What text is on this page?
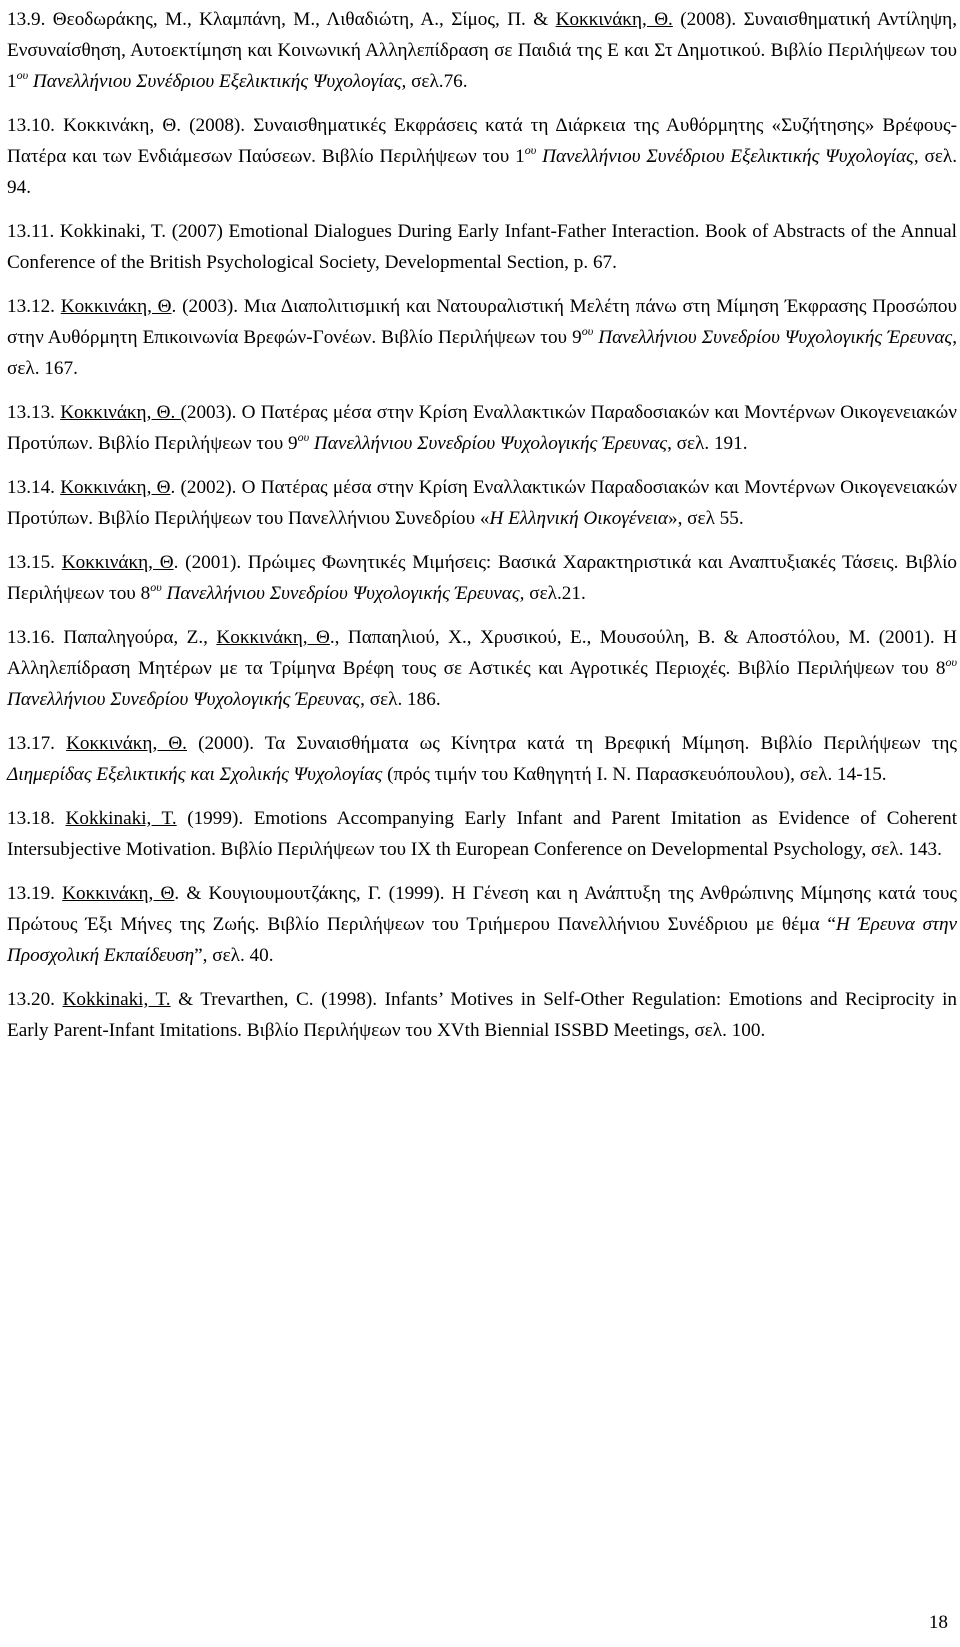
13.9. Θεοδωράκης, Μ., Κλαμπάνη, Μ., Λιθαδιώτη, Α., Σίμος, Π. & Κοκκινάκη, Θ. (2008). Συναισθηματική Αντίληψη, Ενσυναίσθηση, Αυτοεκτίμηση και Κοινωνική Αλληλεπίδραση σε Παιδιά της Ε και Στ Δημοτικού. Βιβλίο Περιλήψεων του $1^{o\upsilon}$ Πανελλήνιου Συνέδριου Εξελικτικής Ψυχολογίας, σελ.76.

13.10. Κοκκινάκη, Θ. (2008). Συναισθηματικές Εκφράσεις κατά τη Διάρκεια της Αυθόρμητης «Συζήτησης» Βρέφους-Πατέρα και των Ενδιάμεσων Παύσεων. Βιβλίο Περιλήψεων του $1^{o\upsilon}$ Πανελλήνιου Συνέδριου Εξελικτικής Ψυχολογίας, σελ. 94.

13.11. Kokkinaki, T. (2007) Emotional Dialogues During Early Infant-Father Interaction. Book of Abstracts of the Annual Conference of the British Psychological Society, Developmental Section, p. 67.

13.12. Κοκκινάκη, Θ. (2003). Μια Διαπολιτισμική και Νατουραλιστική Μελέτη πάνω στη Μίμηση Έκφρασης Προσώπου στην Αυθόρμητη Επικοινωνία Βρεφών-Γονέων. Βιβλίο Περιλήψεων του $9^{o\upsilon}$ Πανελλήνιου Συνεδρίου Ψυχολογικής Έρευνας, σελ. 167.

13.13. Κοκκινάκη, Θ. (2003). Ο Πατέρας μέσα στην Κρίση Εναλλακτικών Παραδοσιακών και Μοντέρνων Οικογενειακών Προτύπων. Βιβλίο Περιλήψεων του $9^{o\upsilon}$ Πανελλήνιου Συνεδρίου Ψυχολογικής Έρευνας, σελ. 191.

13.14. Κοκκινάκη, Θ. (2002). Ο Πατέρας μέσα στην Κρίση Εναλλακτικών Παραδοσιακών και Μοντέρνων Οικογενειακών Προτύπων. Βιβλίο Περιλήψεων του Πανελλήνιου Συνεδρίου «Η Ελληνική Οικογένεια», σελ 55.

13.15. Κοκκινάκη, Θ. (2001). Πρώιμες Φωνητικές Μιμήσεις: Βασικά Χαρακτηριστικά και Αναπτυξιακές Τάσεις. Βιβλίο Περιλήψεων του $8^{o\upsilon}$ Πανελλήνιου Συνεδρίου Ψυχολογικής Έρευνας, σελ.21.

13.16. Παπαληγούρα, Ζ., Κοκκινάκη, Θ., Παπαηλιού, Χ., Χρυσικού, Ε., Μουσούλη, Β. & Αποστόλου, Μ. (2001). Η Αλληλεπίδραση Μητέρων με τα Τρίμηνα Βρέφη τους σε Αστικές και Αγροτικές Περιοχές. Βιβλίο Περιλήψεων του $8^{o\upsilon}$ Πανελλήνιου Συνεδρίου Ψυχολογικής Έρευνας, σελ. 186.

13.17. Κοκκινάκη, Θ. (2000). Τα Συναισθήματα ως Κίνητρα κατά τη Βρεφική Μίμηση. Βιβλίο Περιλήψεων της Διημερίδας Εξελικτικής και Σχολικής Ψυχολογίας (πρός τιμήν του Καθηγητή Ι. Ν. Παρασκευόπουλου), σελ. 14-15.

13.18. Kokkinaki, T. (1999). Emotions Accompanying Early Infant and Parent Imitation as Evidence of Coherent Intersubjective Motivation. Βιβλίο Περιλήψεων του IX th European Conference on Developmental Psychology, σελ. 143.

13.19. Κοκκινάκη, Θ. & Κουγιουμουτζάκης, Γ. (1999). Η Γένεση και η Ανάπτυξη της Ανθρώπινης Μίμησης κατά τους Πρώτους Έξι Μήνες της Ζωής. Βιβλίο Περιλήψεων του Τριήμερου Πανελλήνιου Συνέδριου με θέμα “Η Έρευνα στην Προσχολική Εκπαίδευση”, σελ. 40.

13.20. Kokkinaki, T. & Trevarthen, C. (1998). Infants’ Motives in Self-Other Regulation: Emotions and Reciprocity in Early Parent-Infant Imitations. Βιβλίο Περιλήψεων του XVth Biennial ISSBD Meetings, σελ. 100.

18
